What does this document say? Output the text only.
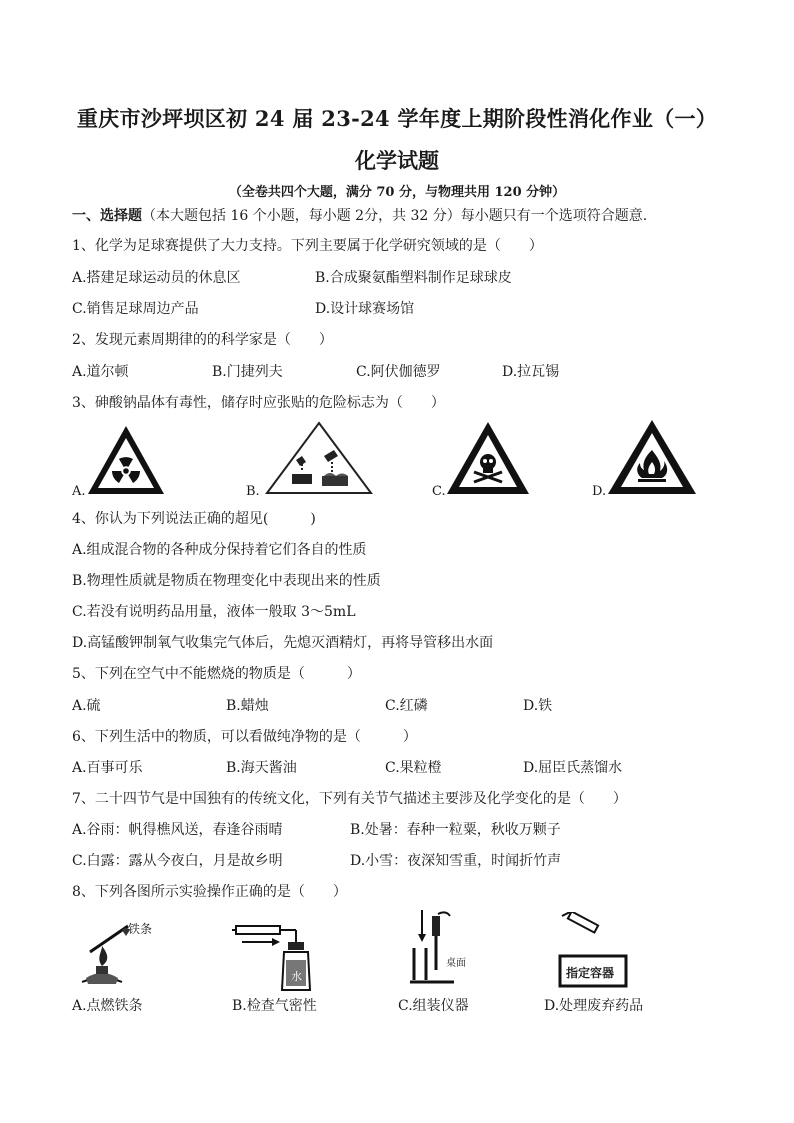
重庆市沙坪坝区初 24 届 23-24 学年度上期阶段性消化作业（一）
化学试题
（全卷共四个大题，满分 70 分，与物理共用 120 分钟）
一、选择题（本大题包括 16 个小题，每小题 2分，共 32 分）每小题只有一个选项符合题意.
1、化学为足球赛提供了大力支持。下列主要属于化学研究领域的是（　　）
A.搭建足球运动员的休息区	B.合成聚氨酯塑料制作足球球皮
C.销售足球周边产品	D.设计球赛场馆
2、发现元素周期律的的科学家是（　　）
A.道尔顿	B.门捷列夫	C.阿伏伽德罗	D.拉瓦锡
3、砷酸钠晶体有毒性，储存时应张贴的危险标志为（　　）
A.	B.	C.	D.
4、你认为下列说法正确的超见(　　　)
A.组成混合物的各种成分保持着它们各自的性质
B.物理性质就是物质在物理变化中表现出来的性质
C.若没有说明药品用量，液体一般取 3～5mL
D.高锰酸钾制氧气收集完气体后，先熄灭酒精灯，再将导管移出水面
5、下列在空气中不能燃烧的物质是（　　　）
A.硫	B.蜡烛	C.红磷	D.铁
6、下列生活中的物质，可以看做纯净物的是（　　　）
A.百事可乐	B.海天酱油	C.果粒橙	D.屈臣氏蒸馏水
7、二十四节气是中国独有的传统文化，下列有关节气描述主要涉及化学变化的是（　　）
A.谷雨：帆得樵风送，春逢谷雨晴	B.处暑：春种一粒粟，秋收万颗子
C.白露：露从今夜白，月是故乡明	D.小雪：夜深知雪重，时闻折竹声
8、下列各图所示实验操作正确的是（　　）
铁条
水
桌面
指定容器
A.点燃铁条	B.检查气密性	C.组装仪器	D.处理废弃药品
